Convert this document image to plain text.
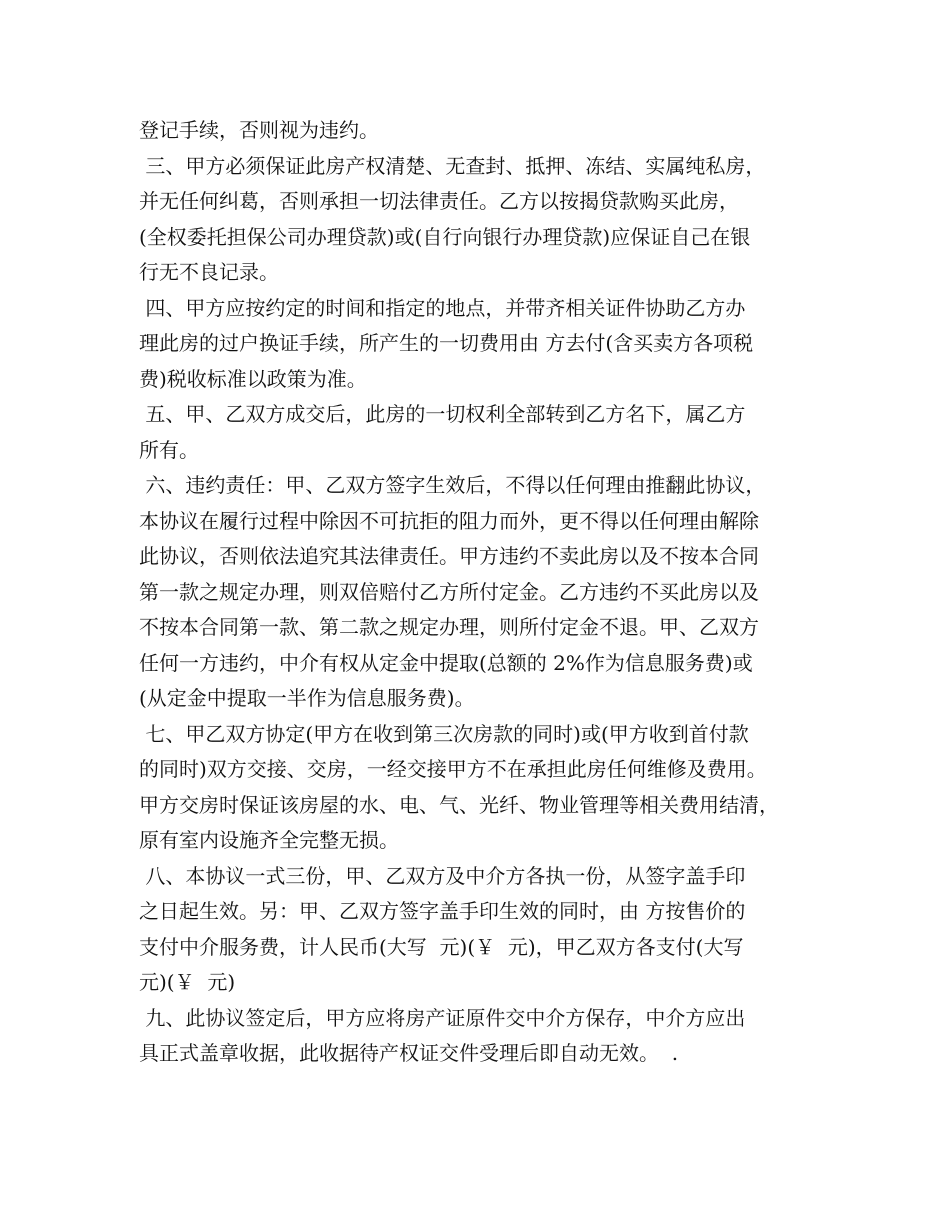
登记手续，否则视为违约。
三、甲方必须保证此房产权清楚、无查封、抵押、冻结、实属纯私房，
并无任何纠葛，否则承担一切法律责任。乙方以按揭贷款购买此房，
(全权委托担保公司办理贷款)或(自行向银行办理贷款)应保证自己在银
行无不良记录。
四、甲方应按约定的时间和指定的地点，并带齐相关证件协助乙方办
理此房的过户换证手续，所产生的一切费用由 方去付(含买卖方各项税
费)税收标准以政策为准。
五、甲、乙双方成交后，此房的一切权利全部转到乙方名下，属乙方
所有。
六、违约责任：甲、乙双方签字生效后，不得以任何理由推翻此协议，
本协议在履行过程中除因不可抗拒的阻力而外，更不得以任何理由解除
此协议，否则依法追究其法律责任。甲方违约不卖此房以及不按本合同
第一款之规定办理，则双倍赔付乙方所付定金。乙方违约不买此房以及
不按本合同第一款、第二款之规定办理，则所付定金不退。甲、乙双方
任何一方违约，中介有权从定金中提取(总额的 2%作为信息服务费)或
(从定金中提取一半作为信息服务费)。
七、甲乙双方协定(甲方在收到第三次房款的同时)或(甲方收到首付款
的同时)双方交接、交房，一经交接甲方不在承担此房任何维修及费用。
甲方交房时保证该房屋的水、电、气、光纤、物业管理等相关费用结清，
原有室内设施齐全完整无损。
八、本协议一式三份，甲、乙双方及中介方各执一份，从签字盖手印
之日起生效。另：甲、乙双方签字盖手印生效的同时，由 方按售价的
支付中介服务费，计人民币(大写  元)(￥  元)，甲乙双方各支付(大写
元)(￥  元)
九、此协议签定后，甲方应将房产证原件交中介方保存，中介方应出
具正式盖章收据，此收据待产权证交件受理后即自动无效。  .
